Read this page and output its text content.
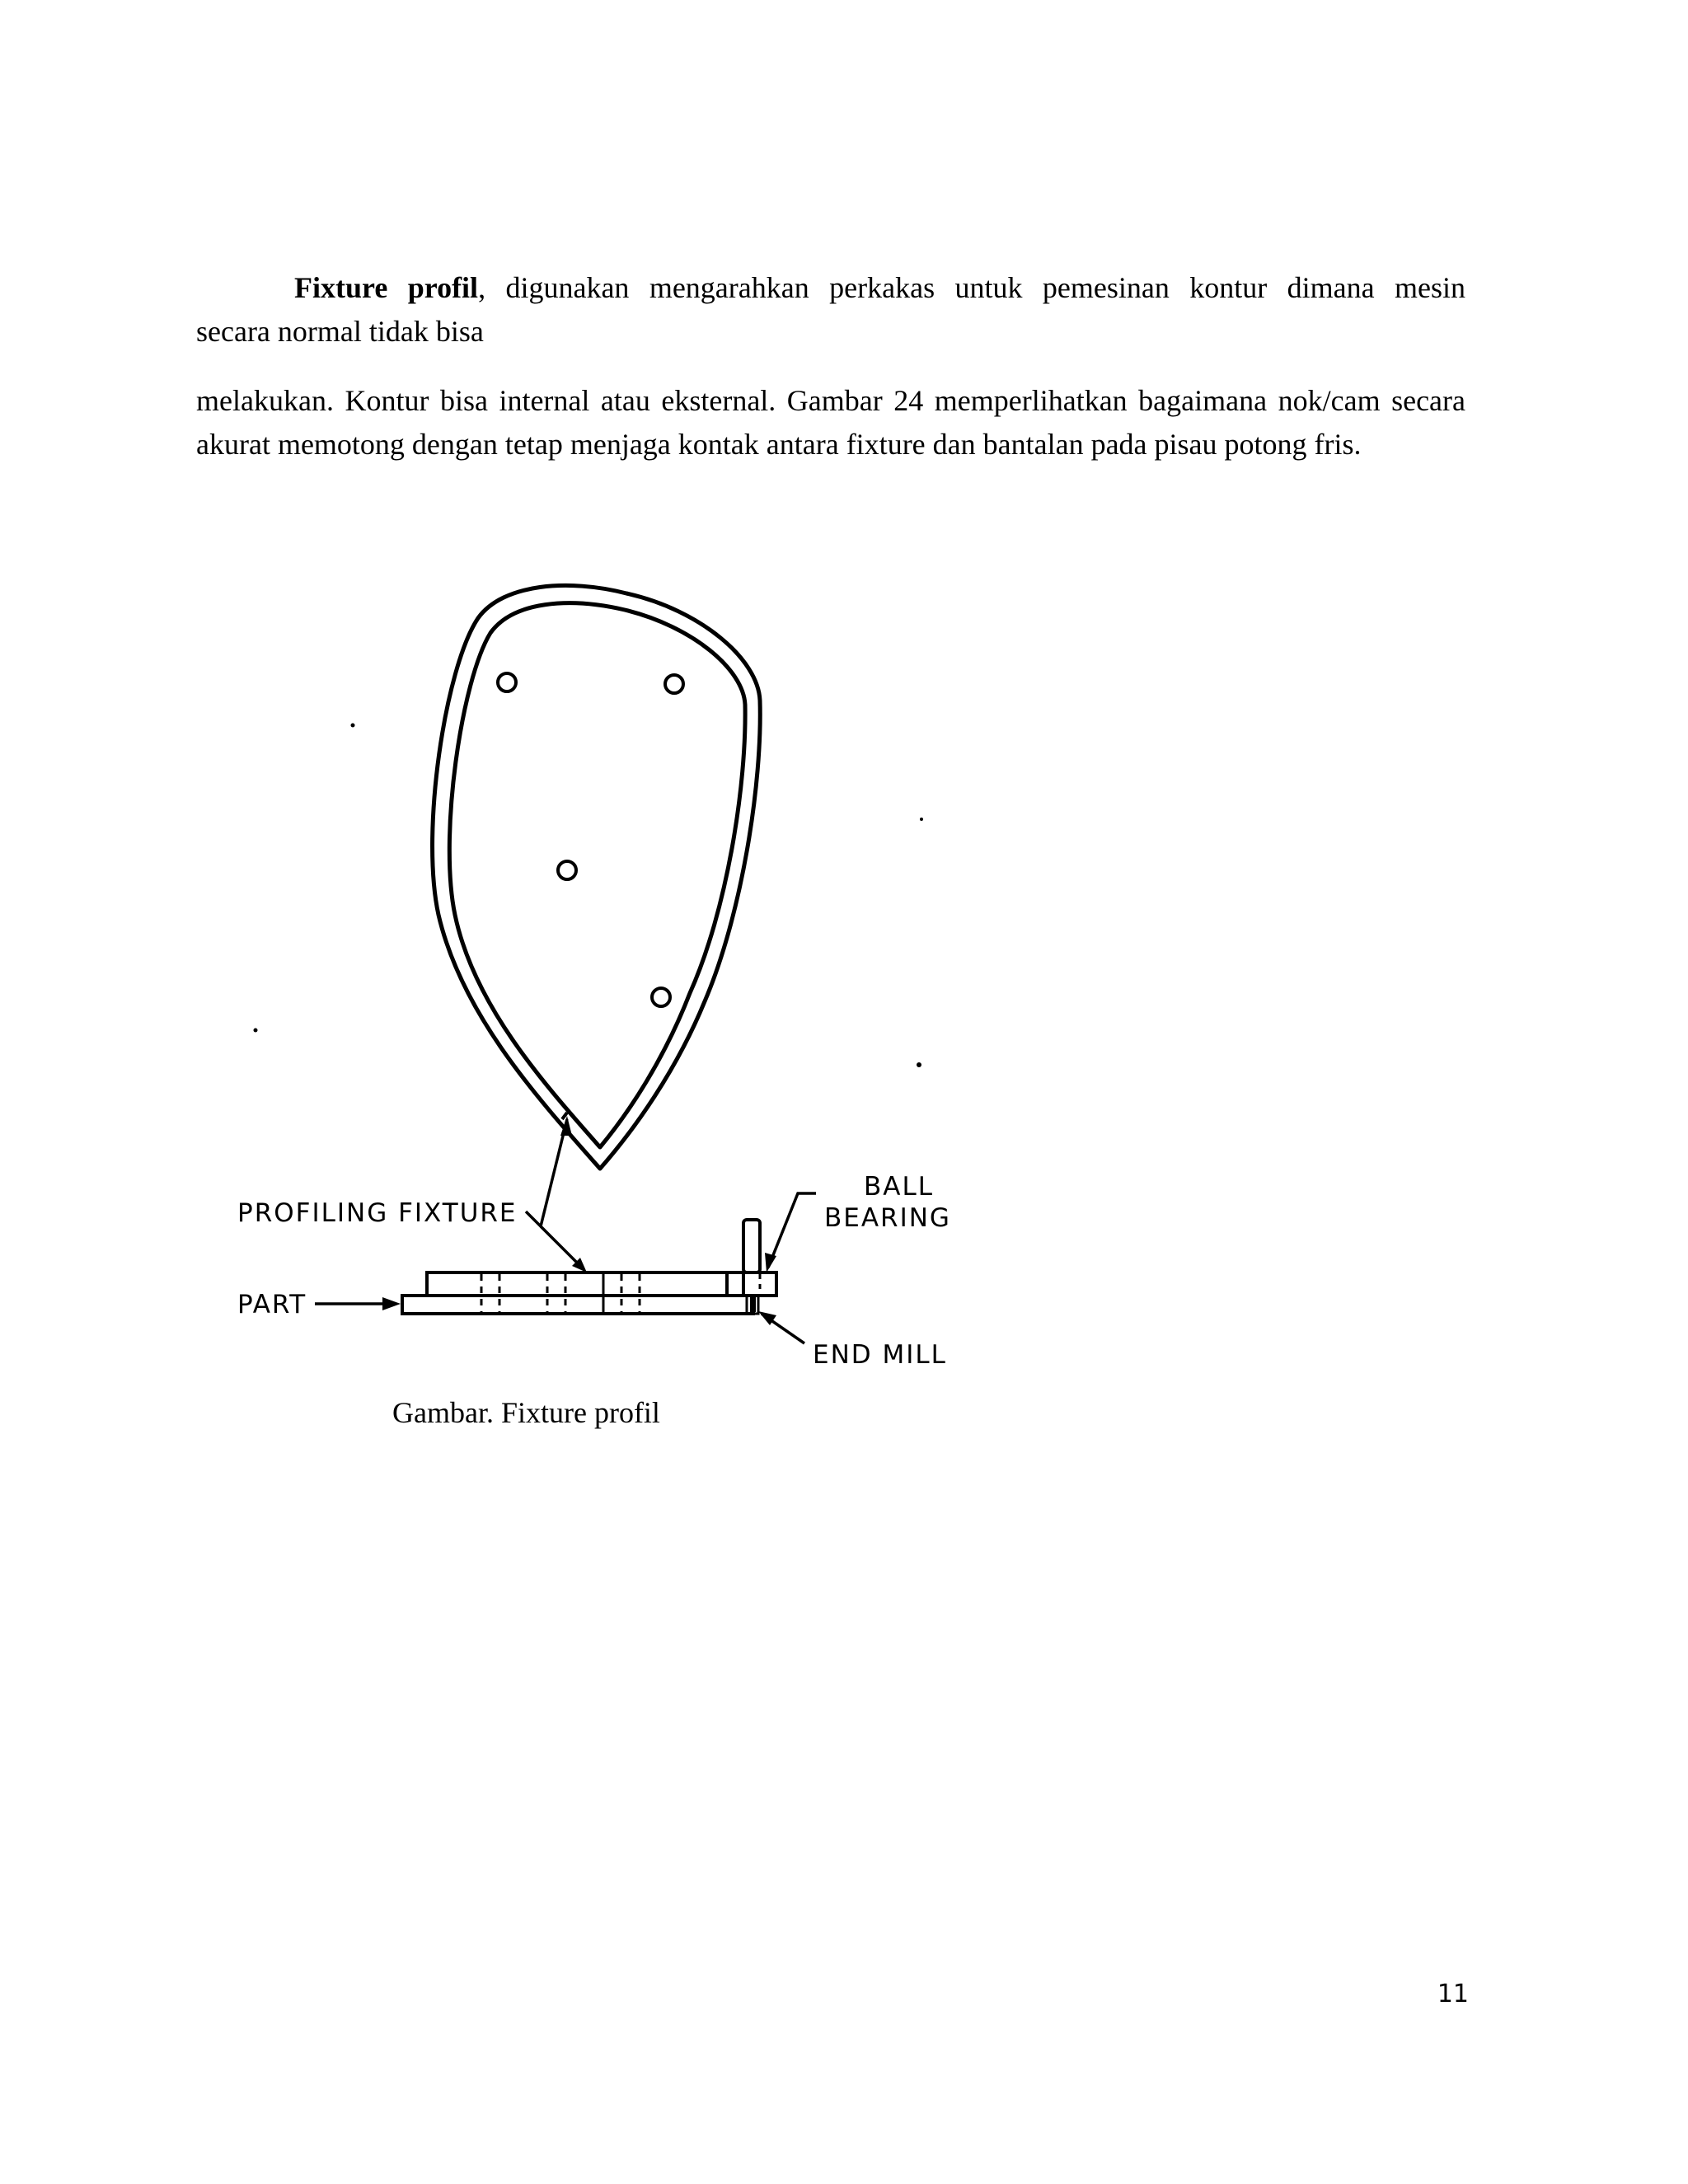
Fixture profil, digunakan mengarahkan perkakas untuk pemesinan kontur dimana mesin
secara normal tidak bisa

melakukan. Kontur bisa internal atau eksternal. Gambar 24 memperlihatkan bagaimana nok/cam secara akurat memotong dengan tetap menjaga kontak antara fixture dan bantalan pada pisau potong fris.

PROFILING FIXTURE
PART
BALL
BEARING
END MILL

Gambar. Fixture profil

11
